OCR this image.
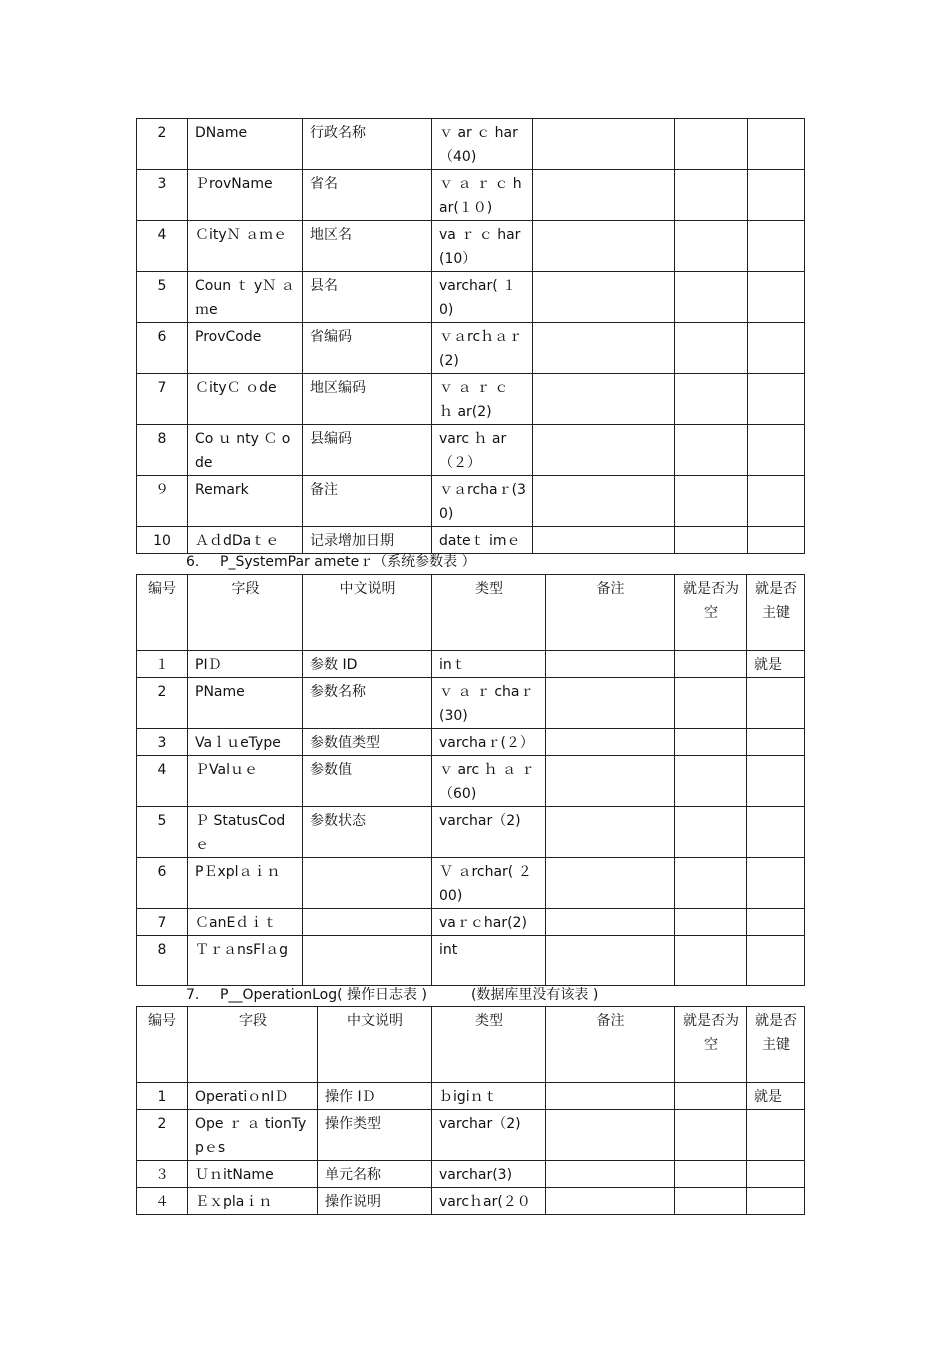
2	DName	行政名称	ｖ ar ｃ har（40)			
3	ＰrovName	省名	ｖ ａ ｒ ｃ har(１０)			
4	ＣityＮ ａｍｅ	地区名	va ｒ ｃ har(10）			
5	Coun ｔ yＮ ａ ｍe	县名	varchar( １ 0)			
6	ProvCode	省编码	ｖａrcｈａｒ(2)			
7	ＣityＣ ｏde	地区编码	ｖ ａ ｒ ｃ ｈ ar(2)			
8	Co ｕ nty Ｃ ode	县编码	varc ｈ ar（２）			
９	Remark	备注	ｖａrchaｒ(30)			
10	ＡｄdDaｔｅ	记录增加日期	dateｔ imｅ			
6. P_SystemPar ameteｒ（系统参数表 ）
编号	字段	中文说明	类型	备注	就是否为空	就是否主键
１	PIＤ	参数 ID	inｔ			就是
2	PName	参数名称	ｖ ａ ｒ chaｒ(30)			
3	VaｌｕeType	参数值类型	varchaｒ(２）			
4	ＰValｕｅ	参数值	ｖ arc ｈ ａ ｒ（60)			
5	Ｐ StatusCodｅ	参数状态	varchar（2)			
6	PＥxplａｉｎ		Ｖ ａrchar( ２ 00)			
7	ＣanEｄｉｔ		vaｒｃhar(2)			
8	ＴｒａnsFlａg		int			
7. P__OperationLog( 操作日志表 )	(数据库里没有该表 )
编号	字段	中文说明	类型	备注	就是否为空	就是否主键
1	OperatiｏnIＤ	操作 IＤ	ｂigiｎｔ			就是
2	Ope ｒ ａ tionTypｅs	操作类型	varchar（2)			
３	ＵｎitName	单元名称	varchar(3)			
４	Ｅｘplaｉｎ	操作说明	varcｈar(２０			
